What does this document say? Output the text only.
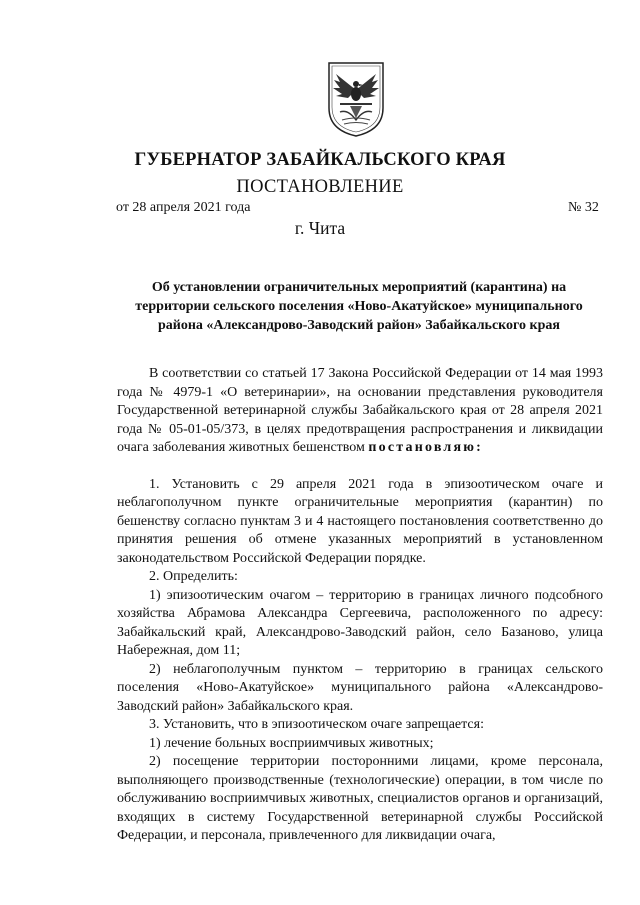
ГУБЕРНАТОР ЗАБАЙКАЛЬСКОГО КРАЯ
ПОСТАНОВЛЕНИЕ
от 28 апреля 2021 года	№ 32
г. Чита
Об установлении ограничительных мероприятий (карантина) на территории сельского поселения «Ново-Акатуйское» муниципального района «Александрово-Заводский район» Забайкальского края

В соответствии со статьей 17 Закона Российской Федерации от 14 мая 1993 года № 4979-1 «О ветеринарии», на основании представления руководителя Государственной ветеринарной службы Забайкальского края от 28 апреля 2021 года № 05-01-05/373, в целях предотвращения распространения и ликвидации очага заболевания животных бешенством постановляю:

1. Установить с 29 апреля 2021 года в эпизоотическом очаге и неблагополучном пункте ограничительные мероприятия (карантин) по бешенству согласно пунктам 3 и 4 настоящего постановления соответственно до принятия решения об отмене указанных мероприятий в установленном законодательством Российской Федерации порядке.

2. Определить:

1) эпизоотическим очагом – территорию в границах личного подсобного хозяйства Абрамова Александра Сергеевича, расположенного по адресу: Забайкальский край, Александрово-Заводский район, село Базаново, улица Набережная, дом 11;

2) неблагополучным пунктом – территорию в границах сельского поселения «Ново-Акатуйское» муниципального района «Александрово-Заводский район» Забайкальского края.

3. Установить, что в эпизоотическом очаге запрещается:

1) лечение больных восприимчивых животных;

2) посещение территории посторонними лицами, кроме персонала, выполняющего производственные (технологические) операции, в том числе по обслуживанию восприимчивых животных, специалистов органов и организаций, входящих в систему Государственной ветеринарной службы Российской Федерации, и персонала, привлеченного для ликвидации очага,
